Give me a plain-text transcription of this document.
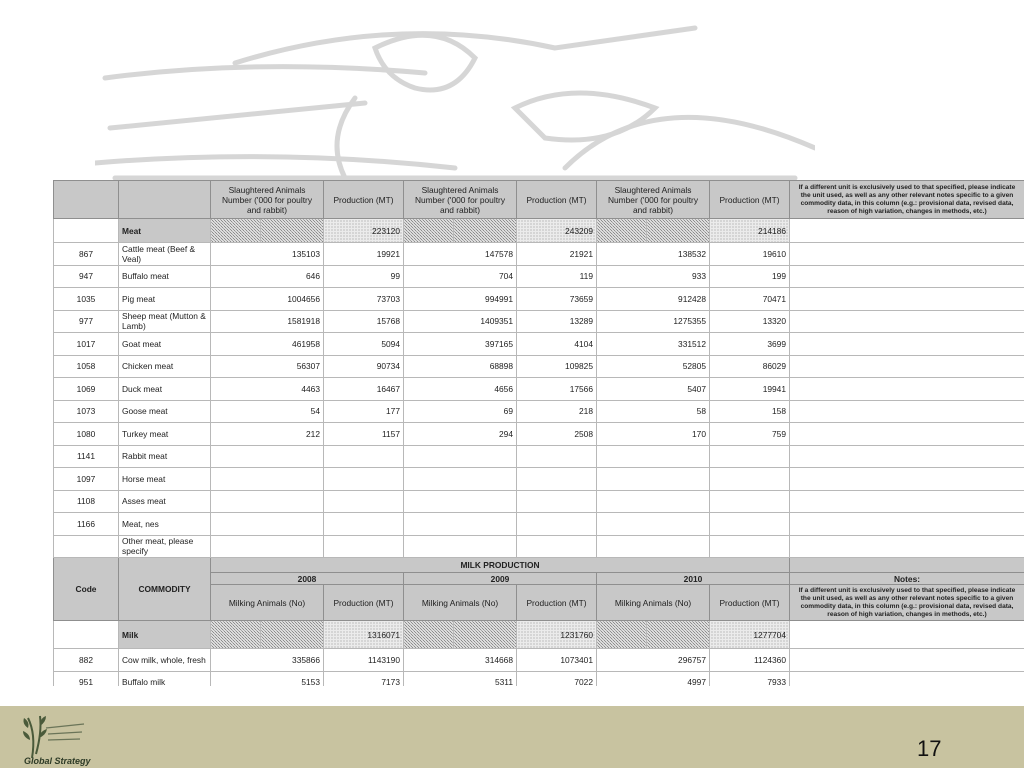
		Slaughtered Animals Number ('000 for poultry and rabbit)		Production (MT)	Slaughtered Animals Number ('000 for poultry and rabbit)		Production (MT)	Slaughtered Animals Number ('000 for poultry and rabbit)		Production (MT)	If a different unit is exclusively used to that specified, please indicate the unit used, as well as any other relevant notes specific to a given commodity data, in this column (e.g.: provisional data, revised data, reason of high variation, changes in methods, etc.)
	Meat			223120			243209			214186	
867	Cattle meat (Beef & Veal)	135103		19921	147578		21921	138532		19610	
947	Buffalo meat	646		99	704		119	933		199	
1035	Pig meat	1004656		73703	994991		73659	912428		70471	
977	Sheep meat (Mutton & Lamb)	1581918		15768	1409351		13289	1275355		13320	
1017	Goat meat	461958		5094	397165		4104	331512		3699	
1058	Chicken meat	56307		90734	68898		109825	52805		86029	
1069	Duck meat	4463		16467	4656		17566	5407		19941	
1073	Goose meat	54		177	69		218	58		158	
1080	Turkey meat	212		1157	294		2508	170		759	
1141	Rabbit meat										
1097	Horse meat										
1108	Asses meat										
1166	Meat, nes										
	Other meat, please specify										
Code	COMMODITY	MILK PRODUCTION									
		2008			2009			2010			Notes:
		Milking Animals (No)		Production (MT)	Milking Animals (No)		Production (MT)	Milking Animals (No)		Production (MT)	If a different unit is exclusively used to that specified, please indicate the unit used, as well as any other relevant notes specific to a given commodity data, in this column (e.g.: provisional data, revised data, reason of high variation, changes in methods, etc.)
	Milk			1316071			1231760			1277704	
882	Cow milk, whole, fresh	335866		1143190	314668		1073401	296757		1124360	
951	Buffalo milk	5153		7173	5311		7022	4997		7933	
Global Strategy	17
